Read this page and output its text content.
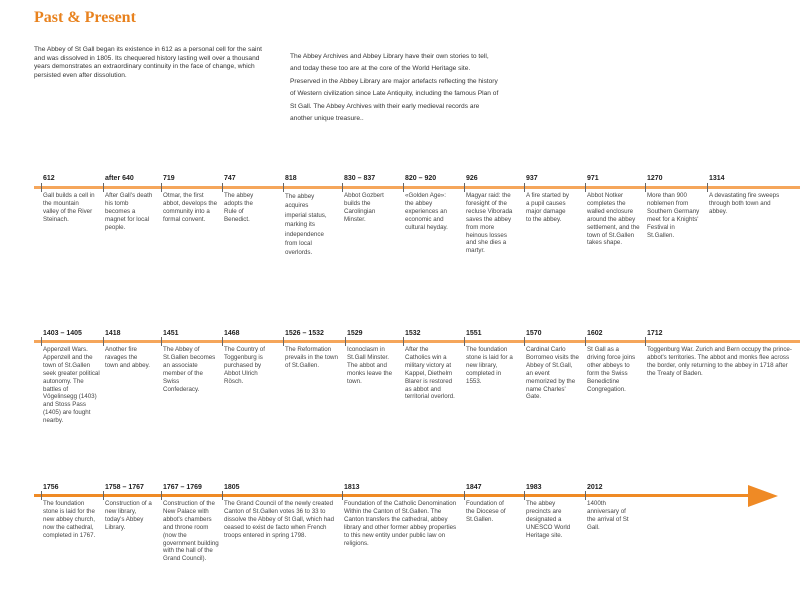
Past & Present
The Abbey of St Gall began its existence in 612 as a personal cell for the saint and was dissolved in 1805. Its chequered history lasting well over a thousand years demonstrates an extraordinary continuity in the face of change, which persisted even after dissolution.
The Abbey Archives and Abbey Library have their own stories to tell, and today these too are at the core of the World Heritage site. Preserved in the Abbey Library are major artefacts reflecting the history of Western civilization since Late Antiquity, including the famous Plan of St Gall. The Abbey Archives with their early medieval records are another unique treasure..
612
Gall builds a cell in the mountain valley of the River Steinach.
after 640
After Gall's death his tomb becomes a magnet for local people.
719
Otmar, the first abbot, develops the community into a formal convent.
747
The abbey adopts the Rule of Benedict.
818
The abbey acquires imperial status, marking its independence from local overlords.
830 – 837
Abbot Gozbert builds the Carolingian Minster.
820 – 920
«Golden Age»: the abbey experiences an economic and cultural heyday.
926
Magyar raid: the foresight of the recluse Viborada saves the abbey from more heinous losses and she dies a martyr.
937
A fire started by a pupil causes major damage to the abbey.
971
Abbot Notker completes the walled enclosure around the abbey settlement, and the town of St.Gallen takes shape.
1270
More than 900 noblemen from Southern Germany meet for a Knights' Festival in St.Gallen.
1314
A devastating fire sweeps through both town and abbey.
1403 – 1405
Appenzell Wars. Appenzell and the town of St.Gallen seek greater political autonomy. The battles of Vögelinsegg (1403) and Stoss Pass (1405) are fought nearby.
1418
Another fire ravages the town and abbey.
1451
The Abbey of St.Gallen becomes an associate member of the Swiss Confederacy.
1468
The Country of Toggenburg is purchased by Abbot Ulrich Rösch.
1526 – 1532
The Reformation prevails in the town of St.Gallen.
1529
Iconoclasm in St.Gall Minster. The abbot and monks leave the town.
1532
After the Catholics win a military victory at Kappel, Diethelm Blarer is restored as abbot and territorial overlord.
1551
The foundation stone is laid for a new library, completed in 1553.
1570
Cardinal Carlo Borromeo visits the Abbey of St.Gall, an event memorized by the name Charles' Gate.
1602
St Gall as a driving force joins other abbeys to form the Swiss Benedictine Congregation.
1712
Toggenburg War. Zurich and Bern occupy the prince-abbot's territories. The abbot and monks flee across the border, only returning to the abbey in 1718 after the Treaty of Baden.
1756
The foundation stone is laid for the new abbey church, now the cathedral, completed in 1767.
1758 – 1767
Construction of a new library, today's Abbey Library.
1767 – 1769
Construction of the New Palace with abbot's chambers and throne room (now the government building with the hall of the Grand Council).
1805
The Grand Council of the newly created Canton of St.Gallen votes 36 to 33 to dissolve the Abbey of St Gall, which had ceased to exist de facto when French troops entered in spring 1798.
1813
Foundation of the Catholic Denomination Within the Canton of St.Gallen. The Canton transfers the cathedral, abbey library and other former abbey properties to this new entity under public law on religions.
1847
Foundation of the Diocese of St.Gallen.
1983
The abbey precincts are designated a UNESCO World Heritage site.
2012
1400th anniversary of the arrival of St Gall.
